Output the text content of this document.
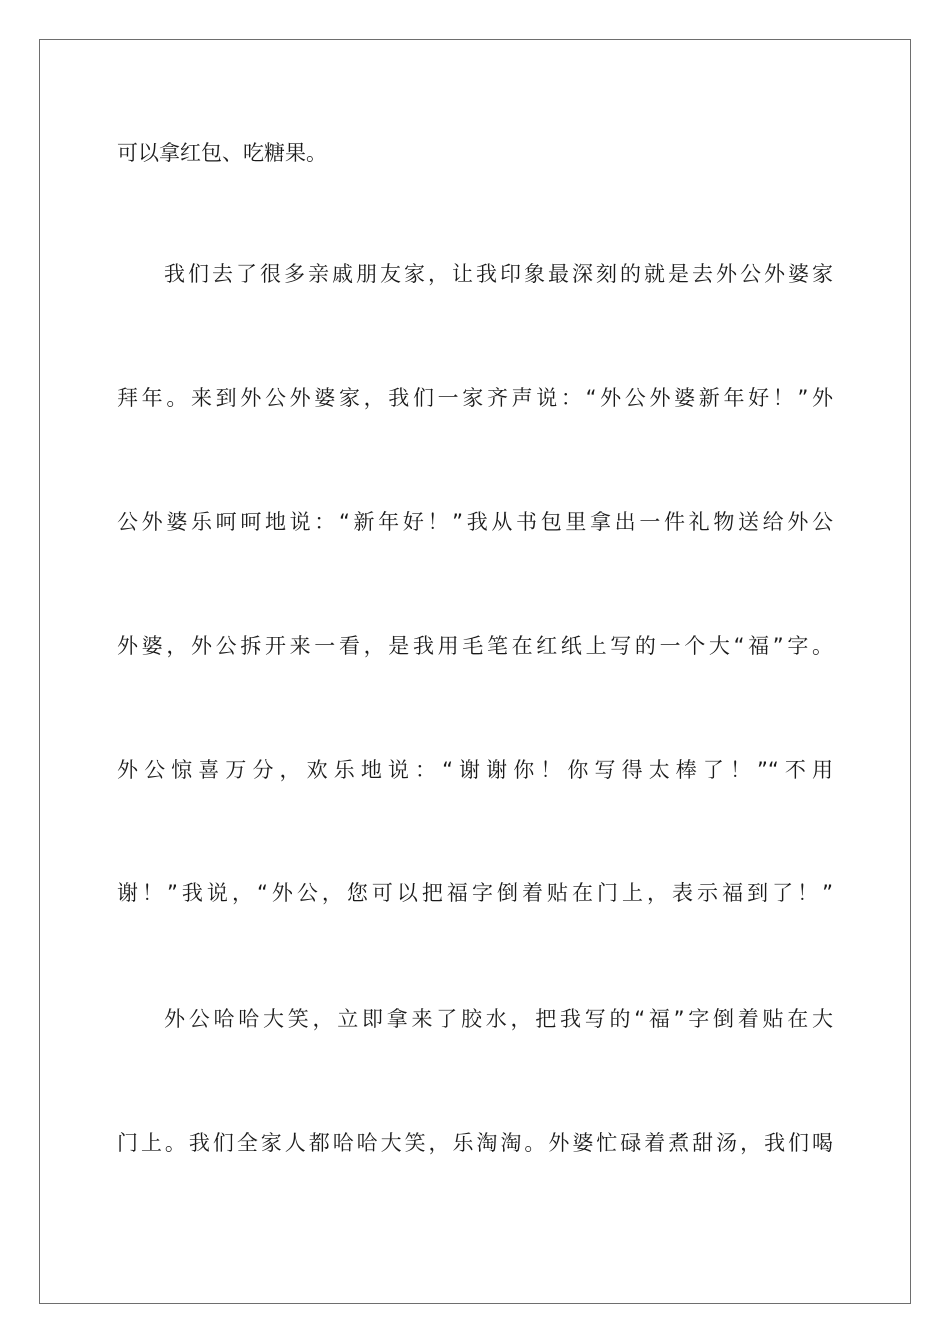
可以拿红包、吃糖果。
我们去了很多亲戚朋友家，让我印象最深刻的就是去外公外婆家
拜年。来到外公外婆家，我们一家齐声说：“外公外婆新年好！”外
公外婆乐呵呵地说：“新年好！”我从书包里拿出一件礼物送给外公
外婆，外公拆开来一看，是我用毛笔在红纸上写的一个大“福”字。
外公惊喜万分，欢乐地说：“谢谢你！你写得太棒了！”“不用
谢！”我说，“外公，您可以把福字倒着贴在门上，表示福到了！”
外公哈哈大笑，立即拿来了胶水，把我写的“福”字倒着贴在大
门上。我们全家人都哈哈大笑，乐淘淘。外婆忙碌着煮甜汤，我们喝
